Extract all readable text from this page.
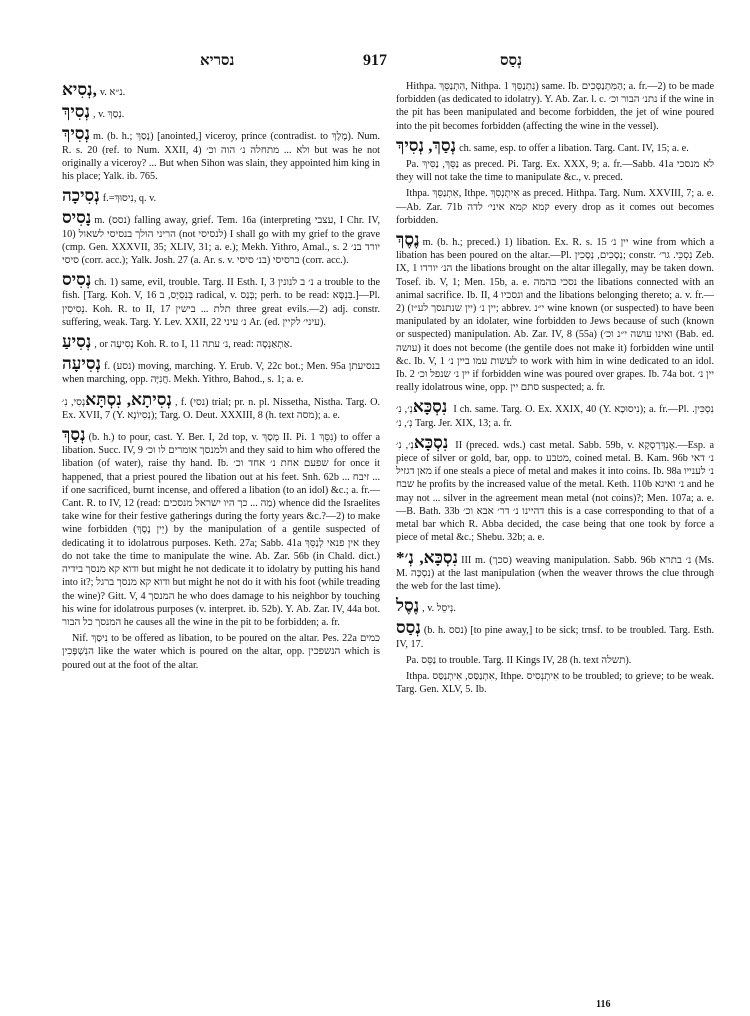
נסריא	917	נְסַס
נְסִיא, v. נ״א.
נְסִיךְ , v. נְסַךְ.
נְסִיךְ m. (b. h.; נָסַךְ) [anointed,] viceroy, prince (contradist. to מֶלֶךְ). Num. R. s. 20 (ref. to Num. XXII, 4) ולא ... מתחלה נ׳ הוה וכ׳ but was he not originally a viceroy? ... But when Sihon was slain, they appointed him king in his place; Yalk. ib. 765.
נְסִיכָה f.=נִיסוּךְ, q. v.
נָסִיס m. (נסס) falling away, grief. Tem. 16a (interpreting עצבי, I Chr. IV, 10) הריני הולך בנסיסי לשאול (not לנסיסי) I shall go with my grief to the grave (cmp. Gen. XXXVII, 35; XLIV, 31; a. e.); Mekh. Yithro, Amal., s. 2 יורד בנ׳ סיסי (corr. acc.); Yalk. Josh. 27 (a. Ar. s. v. בנ׳ סיסי) ברסיסי (corr. acc.).
נְסִיס ch. 1) same, evil, trouble. Targ. II Esth. I, 3 נ׳ ב לנונין a trouble to the fish. [Targ. Koh. V, 16 בְּנִסְיָס, ב radical, v. בְּנַס; perh. to be read: בִּנְסָּא.]—Pl. נְסִיסִין. Koh. R. to II, 17 תלת ... בישין three great evils.—2) adj. constr. suffering, weak. Targ. Y. Lev. XXII, 22 נ׳ עיני Ar. (ed. עיני׳ לקיין).
נְסִיעַ , or נְסִיעָה Koh. R. to I, 11 נ׳ עתה, read: אַתְאַנְסָה.
נְסִיעָה f. (נסע) moving, marching. Y. Erub. V, 22c bot.; Men. 95a בנסיעתן when marching, opp. חֲנִיָּה. Mekh. Yithro, Bahod., s. 1; a. e.
נְסִיתָא, נִסְתָּאנְסִי, נִ׳, f. (נסי) trial; pr. n. pl. Nissetha, Nistha. Targ. O. Ex. XVII, 7 (Y. נְסִיוֹנָא); Targ. O. Deut. XXXIII, 8 (h. text מסה); a. e.
נְסַךְ (b. h.) to pour, cast. Y. Ber. I, 2d top, v. מְסַךְ II. Pi. נִסֵּךְ 1) to offer a libation. Succ. IV, 9 ולמנסך אומרים לו וכ׳ and they said to him who offered the libation (of water), raise thy hand. Ib. שפעם אחת נ׳ אחד וכ׳ for once it happened, that a priest poured the libation out at his feet. Snh. 62b ... זיבח ... if one sacrificed, burnt incense, and offered a libation (to an idol) &c.; a. fr.—Cant. R. to IV, 12 (read: מַה ... כך היו ישראל מנסכים) whence did the Israelites take wine for their festive gatherings during the forty years &c.?—2) to make wine forbidden (יֵין נֶסֶךְ) by the manipulation of a gentile suspected of dedicating it to idolatrous purposes. Keth. 27a; Sabb. 41a אין פנאי לְנַסֵּךְ they do not take the time to manipulate the wine. Ab. Zar. 56b (in Chald. dict.) ודוא קא מנסך בידיה but might he not dedicate it to idolatry by putting his hand into it?; ודוא קא מנסך ברגל but might he not do it with his foot (while treading the wine)? Gitt. V, 4 המנסך he who does damage to his neighbor by touching his wine for idolatrous purposes (v. interpret. ib. 52b). Y. Ab. Zar. IV, 44a bot. המנסך כל הבור he causes all the wine in the pit to be forbidden; a. fr.
Nif. נִיסַּךְ to be offered as libation, to be poured on the altar. Pes. 22a כמים הנִשְׁפָּכִין like the water which is poured on the altar, opp. הנשפכין which is poured out at the foot of the altar.
Hithpa. הִתְנַסֵּךְ, Nithpa. נִתְנַסֵּךְ 1) same. Ib. הַמִּתְנַסְּכִים; a. fr.—2) to be made forbidden (as dedicated to idolatry). Y. Ab. Zar. l. c. נתנ׳ הבור וכ׳ if the wine in the pit has been manipulated and become forbidden, the jet of wine poured into the pit becomes forbidden (affecting the wine in the vessel).
נְסַךְ, נְסִיךְ ch. same, esp. to offer a libation. Targ. Cant. IV, 15; a. e.
Pa. נַסֵּךְ, נַסִּיךְ as preced. Pi. Targ. Ex. XXX, 9; a. fr.—Sabb. 41a לא מנסכי they will not take the time to manipulate &c., v. preced.
Ithpa. אִתְנַסֵּךְ, Ithpe. אִיתְנְסִךְ as preced. Hithpa. Targ. Num. XXVIII, 7; a. e.—Ab. Zar. 71b קמא קמא איני׳ לדה every drop as it comes out becomes forbidden.
נֶסֶךְ m. (b. h.; preced.) 1) libation. Ex. R. s. 15 יין נ׳ wine from which a libation has been poured on the altar.—Pl. נְסָכִים, נְסָכִין; constr. נִסְכֵּי. גר׳ Zeb. IX, 1 הנ׳ יורדו the libations brought on the altar illegally, may be taken down. Tosef. ib. V, 1; Men. 15b, a. e. נסכי בהמה the libations connected with an animal sacrifice. Ib. II, 4 ונסכיו and the libations belonging thereto; a. v. fr.—2) יין נ׳ (יין שנתנסך לע״ז); abbrev. י״נ wine known (or suspected) to have been manipulated by an idolater, wine forbidden to Jews because of such (known or suspected) manipulation. Ab. Zar. IV, 8 (55a) (ואינו עושה י״נ וכ׳ (Bab. ed. עושה) it does not become (the gentile does not make it) forbidden wine until &c. Ib. V, 1 לעשות עמו ביין נ׳ to work with him in wine dedicated to an idol. Ib. 2 יין נ׳ שנפל וכ׳ if forbidden wine was poured over grapes. Ib. 74a bot. יין נ׳ really idolatrous wine, opp. סתם יין suspected; a. fr.
נִסְכָּאנְ׳, נִ׳ I ch. same. Targ. O. Ex. XXIX, 40 (Y. נִיסוּכָא); a. fr.—Pl. נִסְכִּין. נְ׳, נִ׳ Targ. Jer. XIX, 13; a. fr.
נִסְכָּאנְ׳, נִ׳ II (preced. wds.) cast metal. Sabb. 59b, v. אֶנְדְּרַסְקָא.—Esp. a piece of silver or gold, bar, opp. to מטבע, coined metal. B. Kam. 96b נ׳ דאי מאן דגזיל if one steals a piece of metal and makes it into coins. Ib. 98a נ׳ לענייו שבח he profits by the increased value of the metal. Keth. 110b נ׳ ואיגא and he may not ... silver in the agreement mean metal (not coins)?; Men. 107a; a. e.—B. Bath. 33b דהיינו נ׳ דר׳ אבא וכ׳ this is a case corresponding to that of a metal bar which R. Abba decided, the case being that one took by force a piece of metal &c.; Shebu. 32b; a. e.
*נִסְכָּא, נְ׳ III m. (סכך) weaving manipulation. Sabb. 96b נ׳ בתרא (Ms. M. נִסְכָּה) at the last manipulation (when the weaver throws the clue through the web for the last time).
נֶסֶל , v. נְיסֵל.
נְסַס (b. h. נסס) [to pine away,] to be sick; trnsf. to be troubled. Targ. Esth. IV, 17.
Pa. נַסֵּס to trouble. Targ. II Kings IV, 28 (h. text תשלה).
Ithpa. אִתְנַסַּס, אִיתְנַסַּס, Ithpe. אִיתְנְסִיס to be troubled; to grieve; to be weak. Targ. Gen. XLV, 5. Ib.
116
